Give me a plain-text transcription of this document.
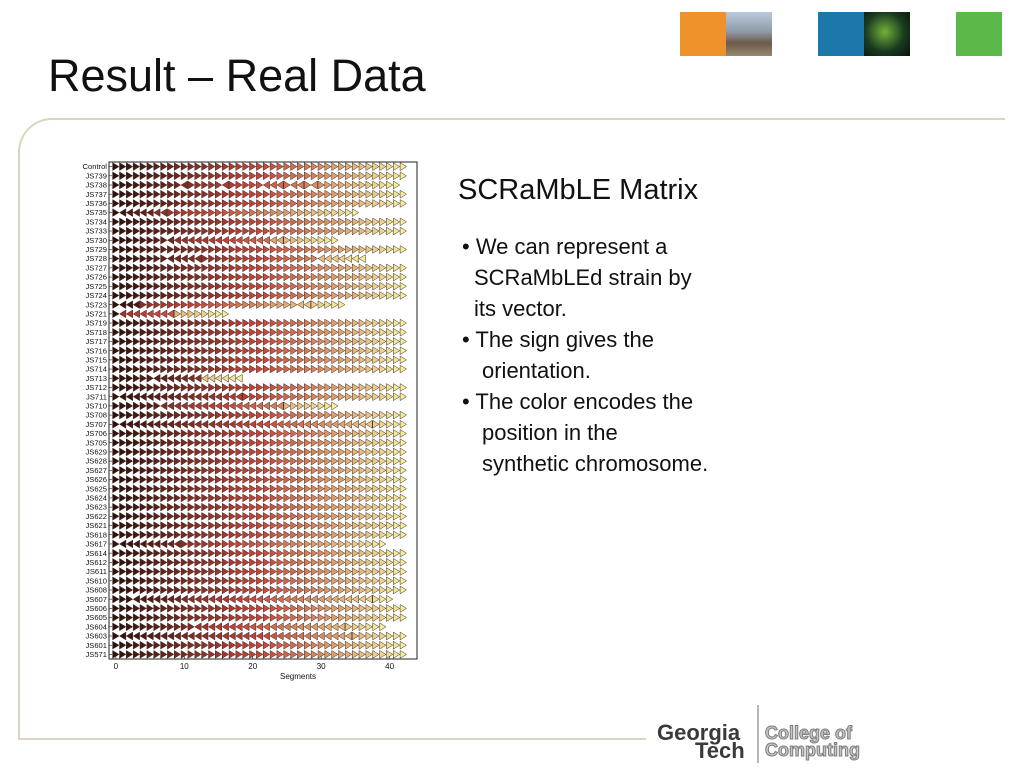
Result – Real Data
Control
JS739
JS738
JS737
JS736
JS735
JS734
JS733
JS730
JS729
JS728
JS727
JS726
JS725
JS724
JS723
JS721
JS719
JS718
JS717
JS716
JS715
JS714
JS713
JS712
JS711
JS710
JS708
JS707
JS706
JS705
JS629
JS628
JS627
JS626
JS625
JS624
JS623
JS622
JS621
JS618
JS617
JS614
JS612
JS611
JS610
JS608
JS607
JS606
JS605
JS604
JS603
JS601
JS571
0	10	20	30	40
Segments
SCRaMbLE Matrix
• We can represent a
SCRaMbLEd strain by
its vector.
• The sign gives the
orientation.
• The color encodes the
position in the
synthetic chromosome.
Georgia
Tech
College of
Computing
